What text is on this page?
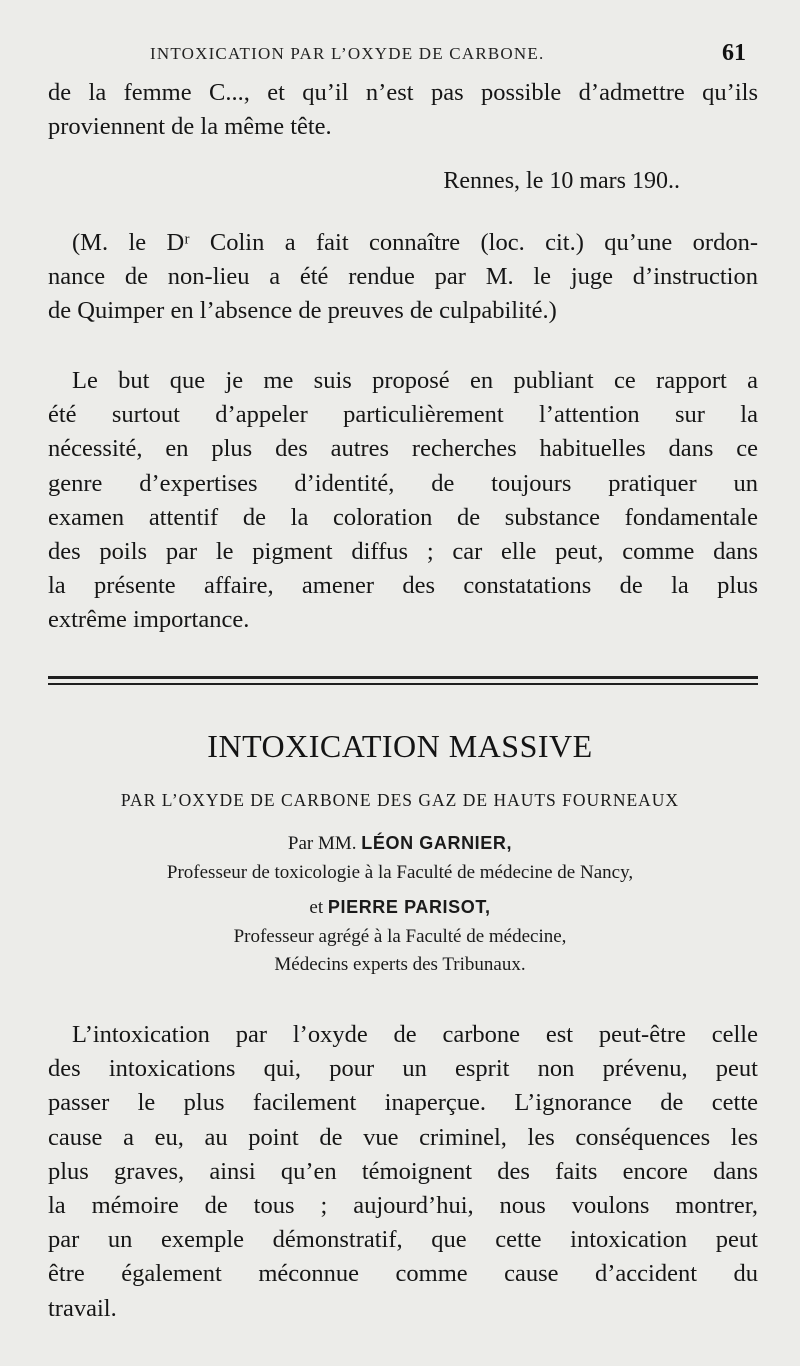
INTOXICATION PAR L’OXYDE DE CARBONE.	61

de la femme C..., et qu’il n’est pas possible d’admettre qu’ils

proviennent de la même tête.

Rennes, le 10 mars 190..

(M. le Dʳ Colin a fait connaître (loc. cit.) qu’une ordon-

nance de non-lieu a été rendue par M. le juge d’instruction

de Quimper en l’absence de preuves de culpabilité.)

Le but que je me suis proposé en publiant ce rapport a

été surtout d’appeler particulièrement l’attention sur la

nécessité, en plus des autres recherches habituelles dans ce

genre d’expertises d’identité, de toujours pratiquer un

examen attentif de la coloration de substance fondamentale

des poils par le pigment diffus ; car elle peut, comme dans

la présente affaire, amener des constatations de la plus

extrême importance.

INTOXICATION MASSIVE
PAR L’OXYDE DE CARBONE DES GAZ DE HAUTS FOURNEAUX
Par MM. LÉON GARNIER,
Professeur de toxicologie à la Faculté de médecine de Nancy,
et PIERRE PARISOT,
Professeur agrégé à la Faculté de médecine,
Médecins experts des Tribunaux.

L’intoxication par l’oxyde de carbone est peut-être celle

des intoxications qui, pour un esprit non prévenu, peut

passer le plus facilement inaperçue. L’ignorance de cette

cause a eu, au point de vue criminel, les conséquences les

plus graves, ainsi qu’en témoignent des faits encore dans

la mémoire de tous ; aujourd’hui, nous voulons montrer,

par un exemple démonstratif, que cette intoxication peut

être également méconnue comme cause d’accident du

travail.
